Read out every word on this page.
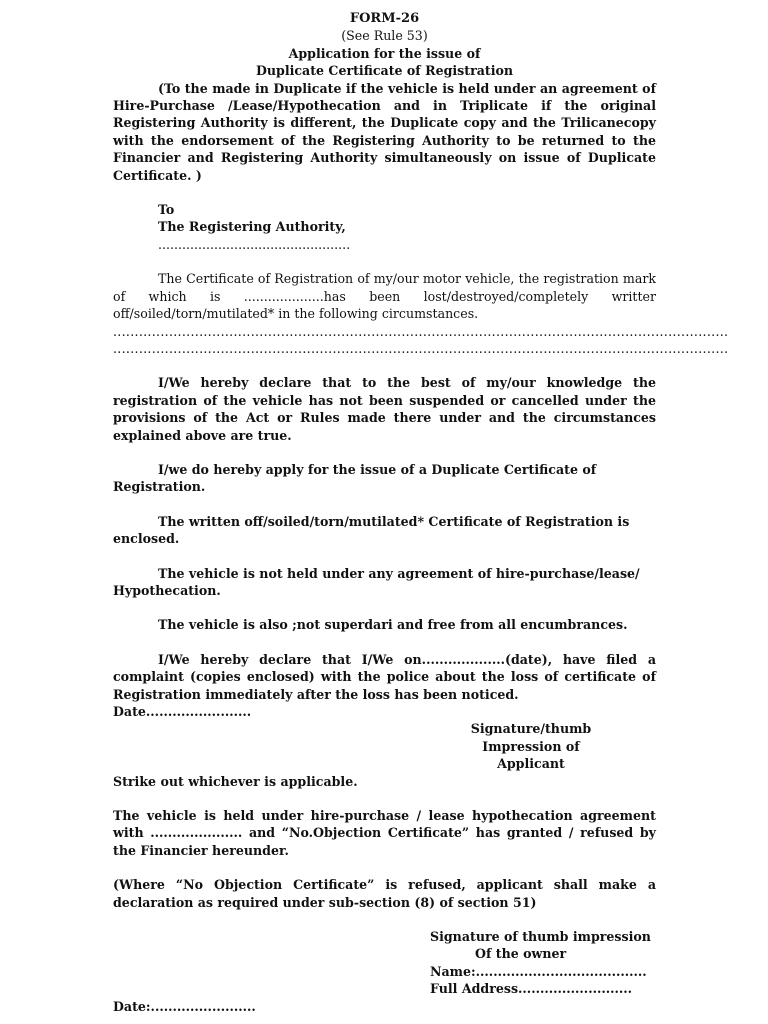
FORM-26

(See Rule 53)

Application for the issue of

Duplicate Certificate of Registration

(To the made in Duplicate if the vehicle is held under an agreement of Hire-Purchase /Lease/Hypothecation and in Triplicate if the original Registering Authority is different, the Duplicate copy and the Trilicanecopy with the endorsement of the Registering Authority to be returned to the Financier and Registering Authority simultaneously on issue of Duplicate Certificate. )

To

The Registering Authority,

................................................

The Certificate of Registration of my/our motor vehicle, the registration mark of which is ....................has been lost/destroyed/completely writter off/soiled/torn/mutilated* in the following circumstances.

...............................................................................................................................................

...............................................................................................................................................

I/We hereby declare that to the best of my/our knowledge the registration of the vehicle has not been suspended or cancelled under the provisions of the Act or Rules made there under and the circumstances explained above are true.

I/we do hereby apply for the issue of a Duplicate Certificate of Registration.

The written off/soiled/torn/mutilated* Certificate of Registration is enclosed.

The vehicle is not held under any agreement of hire-purchase/lease/ Hypothecation.

The vehicle is also ;not superdari and free from all encumbrances.

I/We hereby declare that I/We on...................(date), have filed a complaint (copies enclosed) with the police about the loss of certificate of Registration immediately after the loss has been noticed.

Date........................

Signature/thumb

Impression of Applicant

Strike out whichever is applicable.

The vehicle is held under hire-purchase / lease hypothecation agreement with ..................... and “No.Objection Certificate” has granted / refused by the Financier hereunder.

(Where “No Objection Certificate” is refused, applicant shall make a declaration as required under sub-section (8) of section 51)

Signature of thumb impression

Of the owner

Name:.......................................

Full Address..........................

Date:........................
